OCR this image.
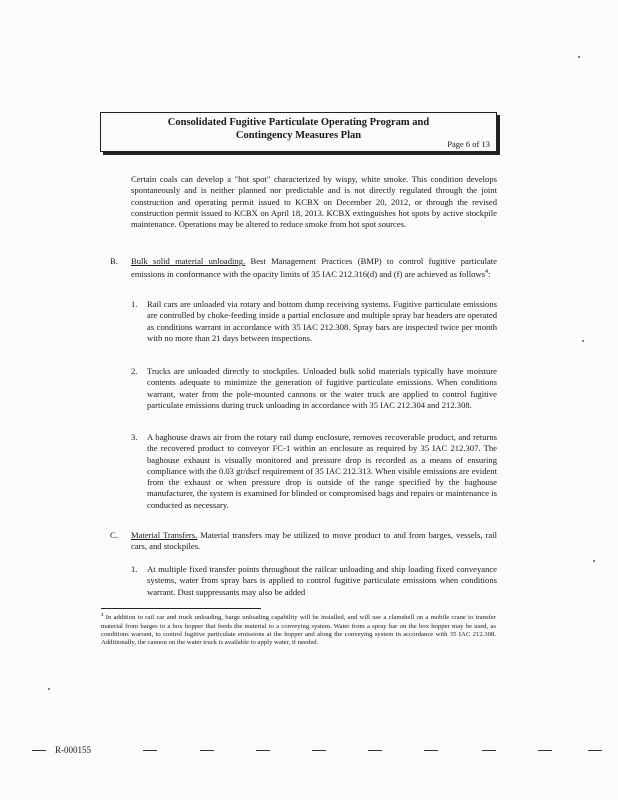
Consolidated Fugitive Particulate Operating Program and
Contingency Measures Plan
Page 6 of 13

Certain coals can develop a "hot spot" characterized by wispy, white smoke. This condition develops spontaneously and is neither planned nor predictable and is not directly regulated through the joint construction and operating permit issued to KCBX on December 20, 2012, or through the revised construction permit issued to KCBX on April 18, 2013. KCBX extinguishes hot spots by active stockpile maintenance. Operations may be altered to reduce smoke from hot spot sources.

B. Bulk solid material unloading. Best Management Practices (BMP) to control fugitive particulate emissions in conformance with the opacity limits of 35 IAC 212.316(d) and (f) are achieved as follows$^4$:

1. Rail cars are unloaded via rotary and bottom dump receiving systems. Fugitive particulate emissions are controlled by choke-feeding inside a partial enclosure and multiple spray bar headers are operated as conditions warrant in accordance with 35 IAC 212.308. Spray bars are inspected twice per month with no more than 21 days between inspections.

2. Trucks are unloaded directly to stockpiles. Unloaded bulk solid materials typically have moisture contents adequate to minimize the generation of fugitive particulate emissions. When conditions warrant, water from the pole-mounted cannons or the water truck are applied to control fugitive particulate emissions during truck unloading in accordance with 35 IAC 212.304 and 212.308.

3. A baghouse draws air from the rotary rail dump enclosure, removes recoverable product, and returns the recovered product to conveyor FC-1 within an enclosure as required by 35 IAC 212.307. The baghouse exhaust is visually monitored and pressure drop is recorded as a means of ensuring compliance with the 0.03 gr/dscf requirement of 35 IAC 212.313. When visible emissions are evident from the exhaust or when pressure drop is outside of the range specified by the baghouse manufacturer, the system is examined for blinded or compromised bags and repairs or maintenance is conducted as necessary.

C. Material Transfers. Material transfers may be utilized to move product to and from barges, vessels, rail cars, and stockpiles.

1. At multiple fixed transfer points throughout the railcar unloading and ship loading fixed conveyance systems, water from spray bars is applied to control fugitive particulate emissions when conditions warrant. Dust suppressants may also be added

$^4$ In addition to rail car and truck unloading, barge unloading capability will be installed, and will use a clamshell on a mobile crane to transfer material from barges to a box hopper that feeds the material to a conveying system. Water from a spray bar on the box hopper may be used, as conditions warrant, to control fugitive particulate emissions at the hopper and along the conveying system in accordance with 35 IAC 212.308. Additionally, the cannon on the water truck is available to apply water, if needed.

R-000155
